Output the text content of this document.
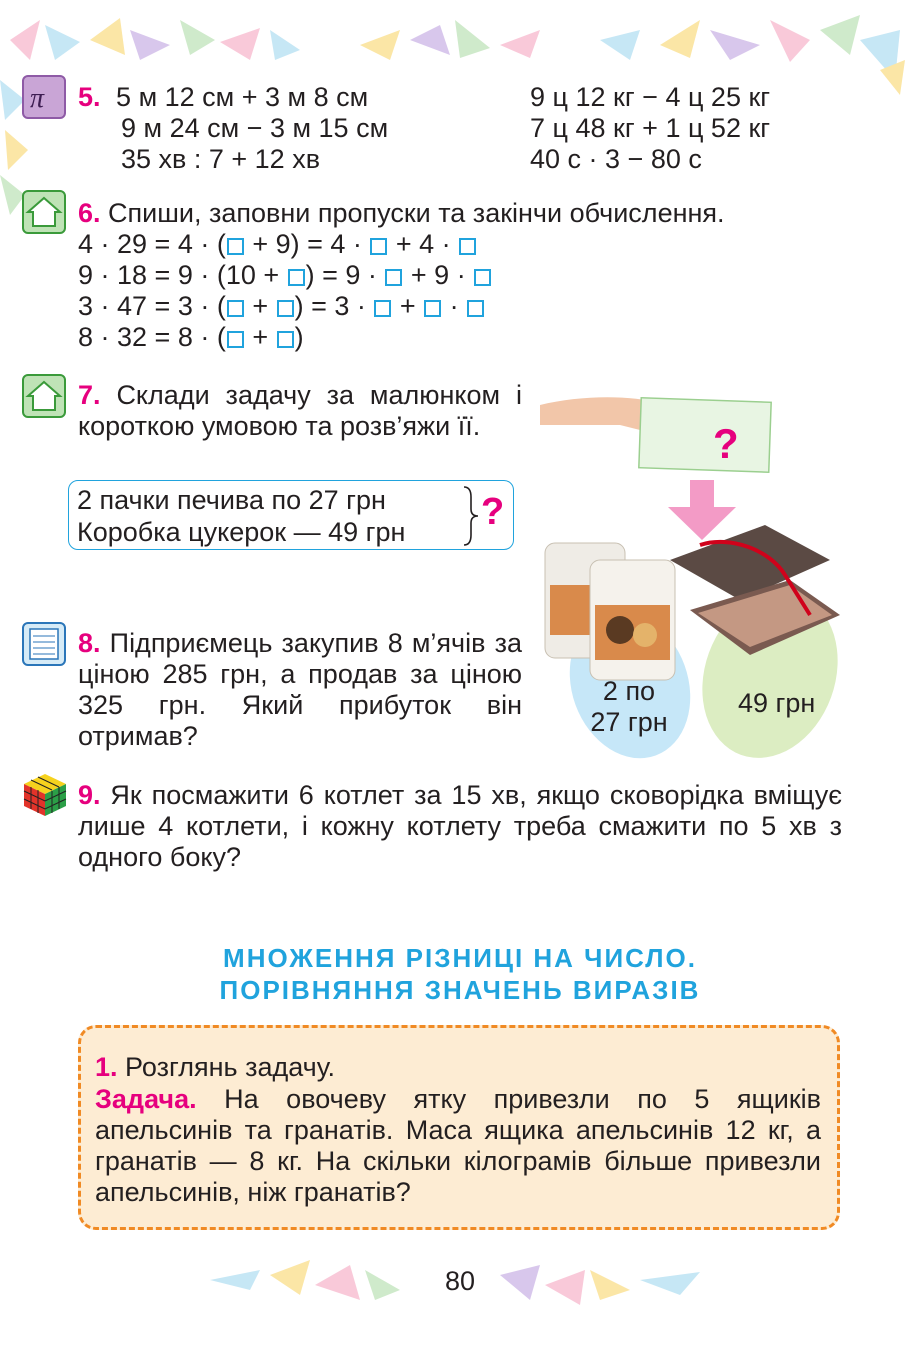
π 5. 5 м 12 см + 3 м 8 см
9 м 24 см − 3 м 15 см
35 хв : 7 + 12 хв
9 ц 12 кг − 4 ц 25 кг
7 ц 48 кг + 1 ц 52 кг
40 с · 3 − 80 с
6. Спиши, заповни пропуски та закінчи обчислення.
4 · 29 = 4 · ( + 9) = 4 ·  + 4 ·
9 · 18 = 9 · (10 + ) = 9 ·  + 9 ·
3 · 47 = 3 · ( + ) = 3 ·  +  ·
8 · 32 = 8 · ( + )
7. Склади задачу за малюнком і короткою умовою та розв’яжи її.
2 пачки печива по 27 грн
Коробка цукерок — 49 грн ?
?
2 по
27 грн
49 грн
8. Підприємець закупив 8 м’ячів за ціною 285 грн, а продав за ціною 325 грн. Який прибуток він отримав?
9. Як посмажити 6 котлет за 15 хв, якщо сковорідка вміщує лише 4 котлети, і кожну котлету треба смажити по 5 хв з одного боку?
МНОЖЕННЯ РІЗНИЦІ НА ЧИСЛО.
ПОРІВНЯННЯ ЗНАЧЕНЬ ВИРАЗІВ
1. Розглянь задачу.
Задача. На овочеву ятку привезли по 5 ящиків апельсинів та гранатів. Маса ящика апельсинів 12 кг, а гранатів — 8 кг. На скільки кілограмів більше привезли апельсинів, ніж гранатів?
80
